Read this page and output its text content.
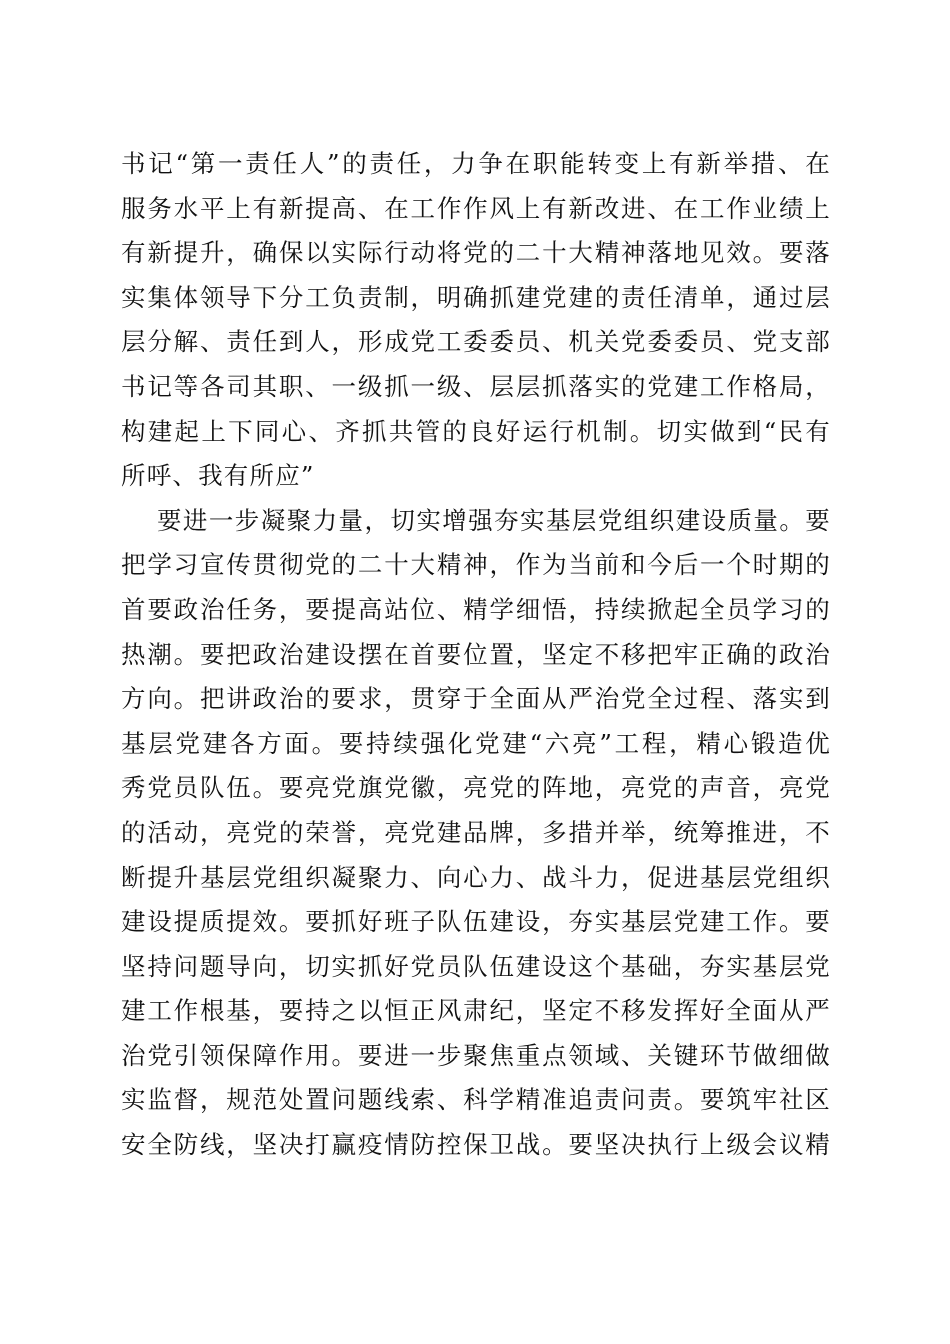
书记“第一责任人”的责任，力争在职能转变上有新举措、在
服务水平上有新提高、在工作作风上有新改进、在工作业绩上
有新提升，确保以实际行动将党的二十大精神落地见效。要落
实集体领导下分工负责制，明确抓建党建的责任清单，通过层
层分解、责任到人，形成党工委委员、机关党委委员、党支部
书记等各司其职、一级抓一级、层层抓落实的党建工作格局，
构建起上下同心、齐抓共管的良好运行机制。切实做到“民有
所呼、我有所应”
要进一步凝聚力量，切实增强夯实基层党组织建设质量。要
把学习宣传贯彻党的二十大精神，作为当前和今后一个时期的
首要政治任务，要提高站位、精学细悟，持续掀起全员学习的
热潮。要把政治建设摆在首要位置，坚定不移把牢正确的政治
方向。把讲政治的要求，贯穿于全面从严治党全过程、落实到
基层党建各方面。要持续强化党建“六亮”工程，精心锻造优
秀党员队伍。要亮党旗党徽，亮党的阵地，亮党的声音，亮党
的活动，亮党的荣誉，亮党建品牌，多措并举，统筹推进，不
断提升基层党组织凝聚力、向心力、战斗力，促进基层党组织
建设提质提效。要抓好班子队伍建设，夯实基层党建工作。要
坚持问题导向，切实抓好党员队伍建设这个基础，夯实基层党
建工作根基，要持之以恒正风肃纪，坚定不移发挥好全面从严
治党引领保障作用。要进一步聚焦重点领域、关键环节做细做
实监督，规范处置问题线索、科学精准追责问责。要筑牢社区
安全防线，坚决打赢疫情防控保卫战。要坚决执行上级会议精
